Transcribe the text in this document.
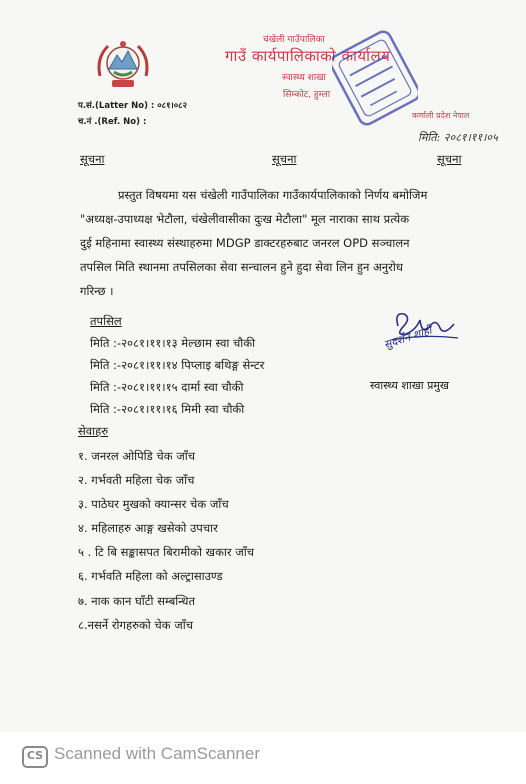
चंखेली गाउँपालिका
गाउँ कार्यपालिकाको कार्यालय
स्वास्थ्य शाखा
सिम्कोट, हुम्ला
कर्णाली प्रदेश नेपाल
प.सं.(Latter No) : ०८१।०८२
च.नं .(Ref. No) :
मिति: २०८१।११।०५
सूचना	सूचना	सूचना
प्रस्तुत विषयमा यस चंखेली गाउँपालिका गाउँकार्यपालिकाको निर्णय बमोजिम
"अध्यक्ष-उपाध्यक्ष भेटौला, चंखेलीवासीका दुःख मेटौला" मूल नाराका साथ प्रत्येक
दुई महिनामा स्वास्थ्य संस्थाहरुमा MDGP डाक्टरहरुबाट जनरल OPD सञ्चालन
तपसिल मिति स्थानमा तपसिलका सेवा सन्चालन हुने हुदा सेवा लिन हुन अनुरोध
गरिन्छ ।
तपसिल
मिति :-२०८१।११।१३ मेल्छाम स्वा चौकी
मिति :-२०८१।११।१४ पिप्लाइ बथिङ्ग सेन्टर
मिति :-२०८१।११।१५ दार्मा स्वा चौकी
मिति :-२०८१।११।१६ मिमी स्वा चौकी
सुदर्शन शाही
स्वास्थ्य शाखा प्रमुख
सेवाहरु
१. जनरल ओपिडि चेक जाँच
२. गर्भवती महिला चेक जाँच
३. पाठेघर मुखको क्यान्सर चेक जाँच
४. महिलाहरु आङ्ग खसेको उपचार
५ . टि बि सङ्कासपत बिरामीको खकार जाँच
६. गर्भवति महिला को अल्ट्रासाउण्ड
७. नाक कान घाँटी सम्बन्धित
८.नसर्ने रोगहरुको चेक जाँच
CS Scanned with CamScanner
